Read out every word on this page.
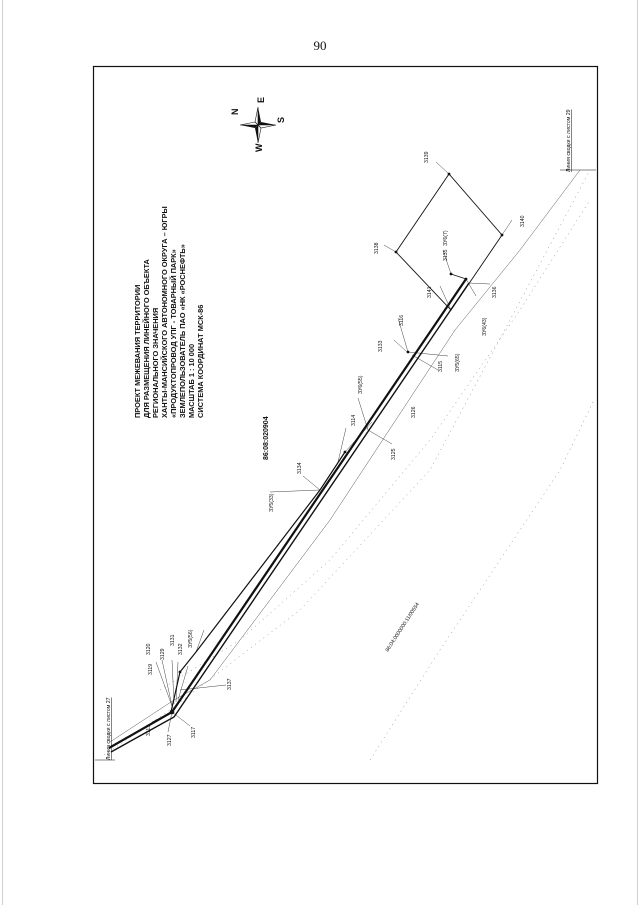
90
ПРОЕКТ МЕЖЕВАНИЯ ТЕРРИТОРИИ ДЛЯ РАЗМЕЩЕНИЯ ЛИНЕЙНОГО ОБЪЕКТА РЕГИОНАЛЬНОГО ЗНАЧЕНИЯ ХАНТЫ-МАНСИЙСКОГО АВТОНОМНОГО ОКРУГА – ЮГРЫ «ПРОДУКТОПРОВОД УПГ - ТОВАРНЫЙ ПАРК» ЗЕМЛЕПОЛЬЗОВАТЕЛЬ ПАО «НК «РОСНЕФТЬ» МАСШТАБ 1 : 10 000 СИСТЕМА КООРДИНАТ МСК-86
N
E
S
W
Линия сводки с листом 27
Линия сводки с листом 29
86:08:020904
86:04:0000000:11/00554
3113	3117
3127
3119
3120 3129
3131
3132
ЗУ5(56)
3137
ЗУ5(33)
3134
3114
3125
3126
ЗУ6(55)
3133
3116
3115 ЗУ5(65)
3141
3135
ЗУ6(7)
3136
ЗУ6(43)
3138
3139
3140
